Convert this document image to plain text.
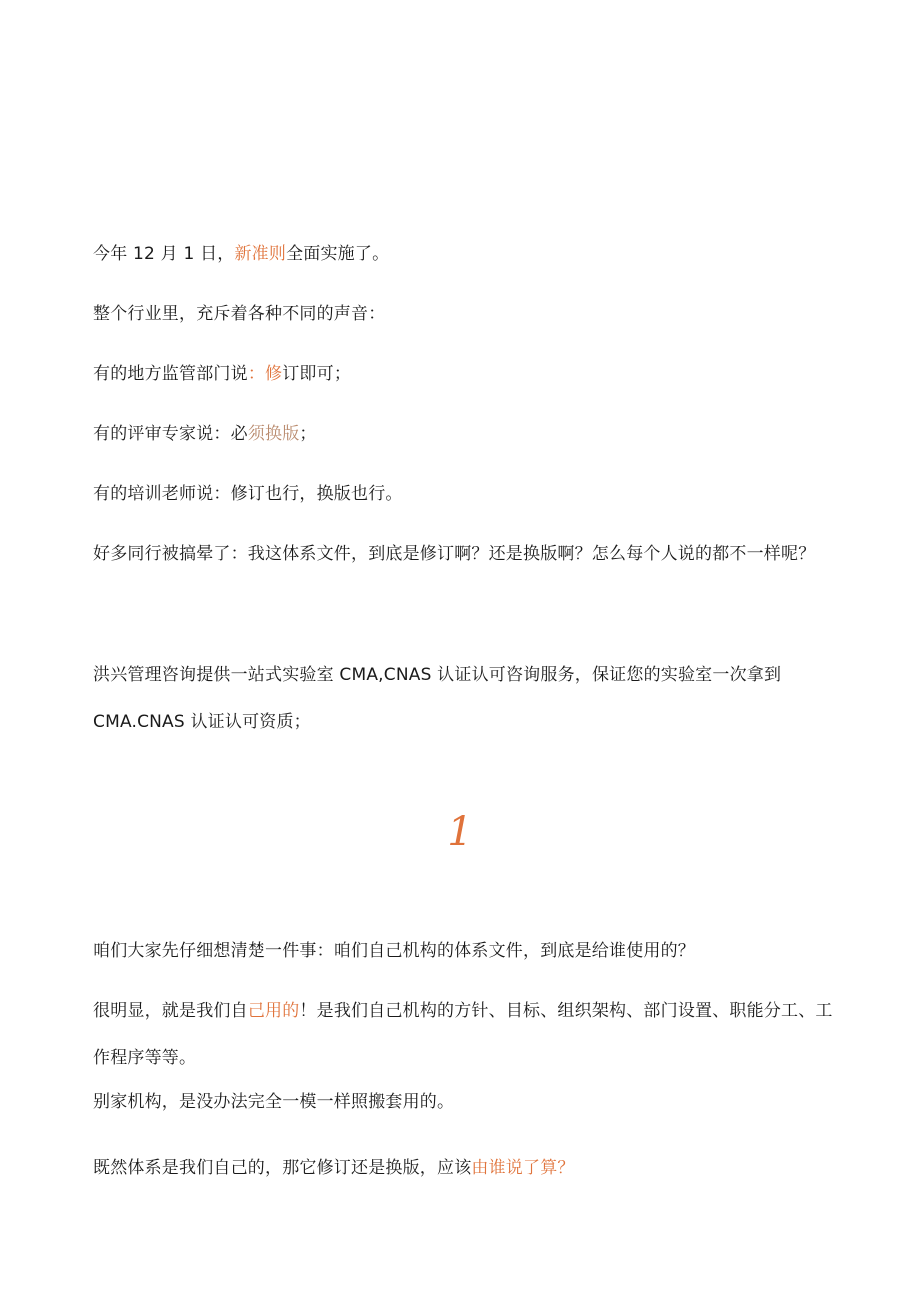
今年 12 月 1 日，新准则全面实施了。
整个行业里，充斥着各种不同的声音：
有的地方监管部门说：修订即可；
有的评审专家说：必须换版；
有的培训老师说：修订也行，换版也行。
好多同行被搞晕了：我这体系文件，到底是修订啊？还是换版啊？怎么每个人说的都不一样呢？
洪兴管理咨询提供一站式实验室 CMA,CNAS 认证认可咨询服务，保证您的实验室一次拿到
CMA.CNAS 认证认可资质；
1
咱们大家先仔细想清楚一件事：咱们自己机构的体系文件，到底是给谁使用的？
很明显，就是我们自己用的！是我们自己机构的方针、目标、组织架构、部门设置、职能分工、工
作程序等等。
别家机构，是没办法完全一模一样照搬套用的。
既然体系是我们自己的，那它修订还是换版，应该由谁说了算？
